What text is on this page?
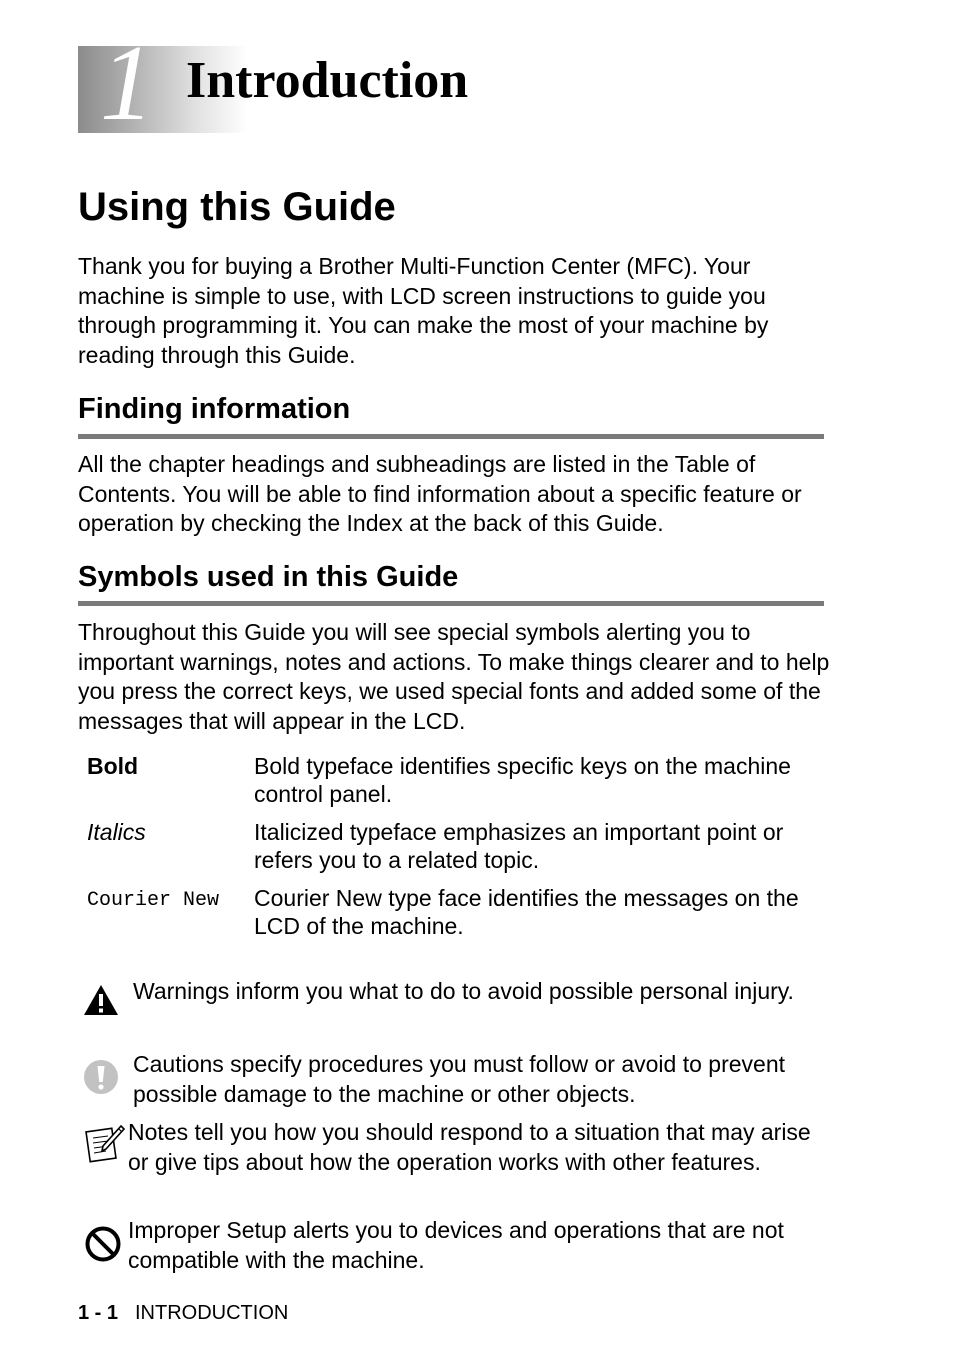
1 Introduction
Using this Guide

Thank you for buying a Brother Multi-Function Center (MFC). Your machine is simple to use, with LCD screen instructions to guide you through programming it. You can make the most of your machine by reading through this Guide.

Finding information

All the chapter headings and subheadings are listed in the Table of Contents. You will be able to find information about a specific feature or operation by checking the Index at the back of this Guide.

Symbols used in this Guide

Throughout this Guide you will see special symbols alerting you to important warnings, notes and actions. To make things clearer and to help you press the correct keys, we used special fonts and added some of the messages that will appear in the LCD.

Bold	Bold typeface identifies specific keys on the machine control panel.
Italics	Italicized typeface emphasizes an important point or refers you to a related topic.
Courier New	Courier New type face identifies the messages on the LCD of the machine.

Warnings inform you what to do to avoid possible personal injury.

Cautions specify procedures you must follow or avoid to prevent possible damage to the machine or other objects.

Notes tell you how you should respond to a situation that may arise or give tips about how the operation works with other features.

Improper Setup alerts you to devices and operations that are not compatible with the machine.

1 - 1 INTRODUCTION
